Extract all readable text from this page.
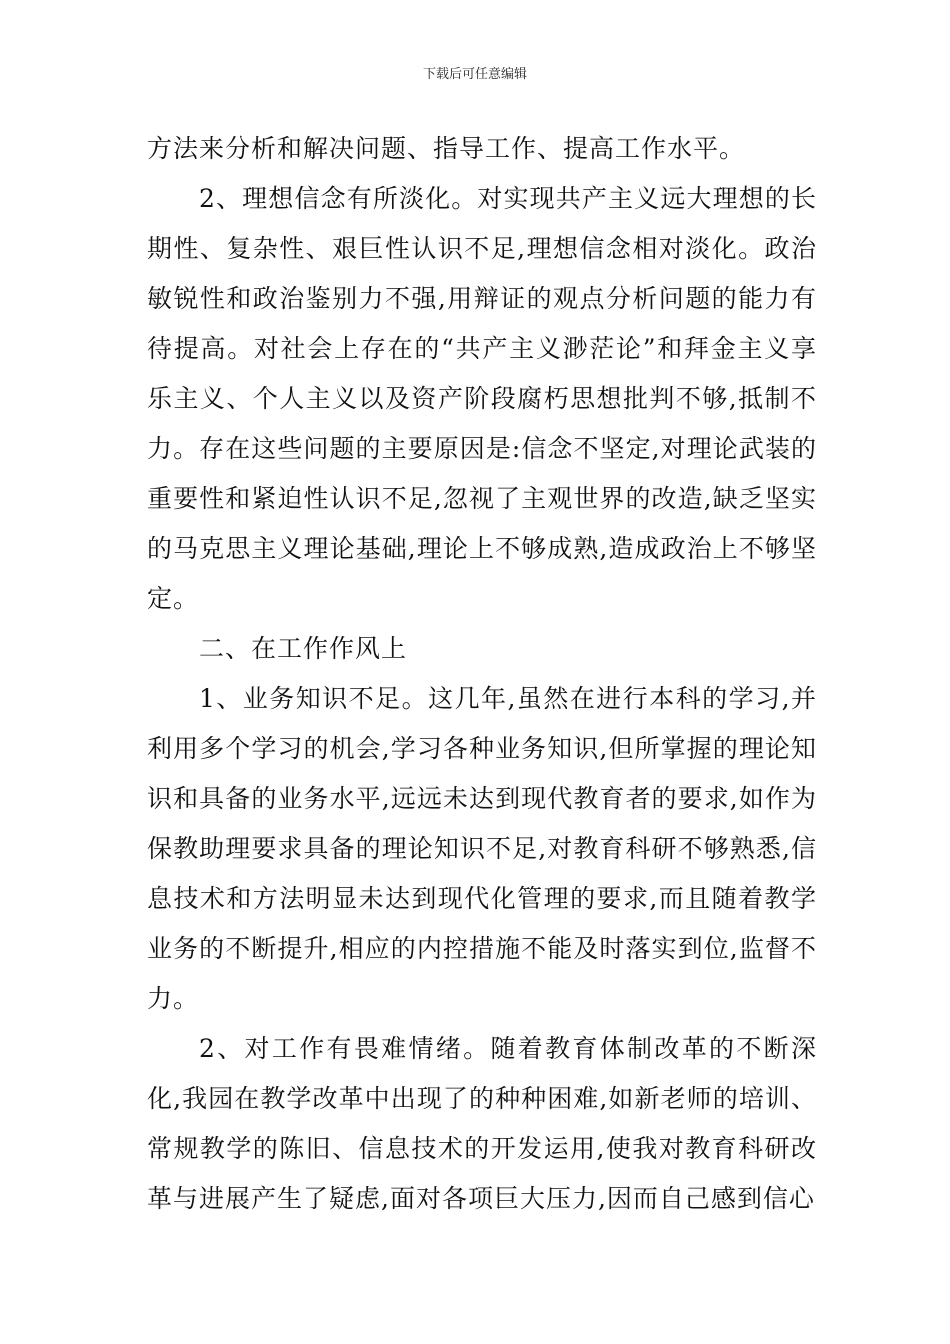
下载后可任意编辑

方法来分析和解决问题、指导工作、提高工作水平。

2、理想信念有所淡化。对实现共产主义远大理想的长期性、复杂性、艰巨性认识不足,理想信念相对淡化。政治敏锐性和政治鉴别力不强,用辩证的观点分析问题的能力有待提高。对社会上存在的“共产主义渺茫论”和拜金主义享乐主义、个人主义以及资产阶段腐朽思想批判不够,抵制不力。存在这些问题的主要原因是:信念不坚定,对理论武装的重要性和紧迫性认识不足,忽视了主观世界的改造,缺乏坚实的马克思主义理论基础,理论上不够成熟,造成政治上不够坚定。

二、在工作作风上

1、业务知识不足。这几年,虽然在进行本科的学习,并利用多个学习的机会,学习各种业务知识,但所掌握的理论知识和具备的业务水平,远远未达到现代教育者的要求,如作为保教助理要求具备的理论知识不足,对教育科研不够熟悉,信息技术和方法明显未达到现代化管理的要求,而且随着教学业务的不断提升,相应的内控措施不能及时落实到位,监督不力。

2、对工作有畏难情绪。随着教育体制改革的不断深化,我园在教学改革中出现了的种种困难,如新老师的培训、常规教学的陈旧、信息技术的开发运用,使我对教育科研改革与进展产生了疑虑,面对各项巨大压力,因而自己感到信心
